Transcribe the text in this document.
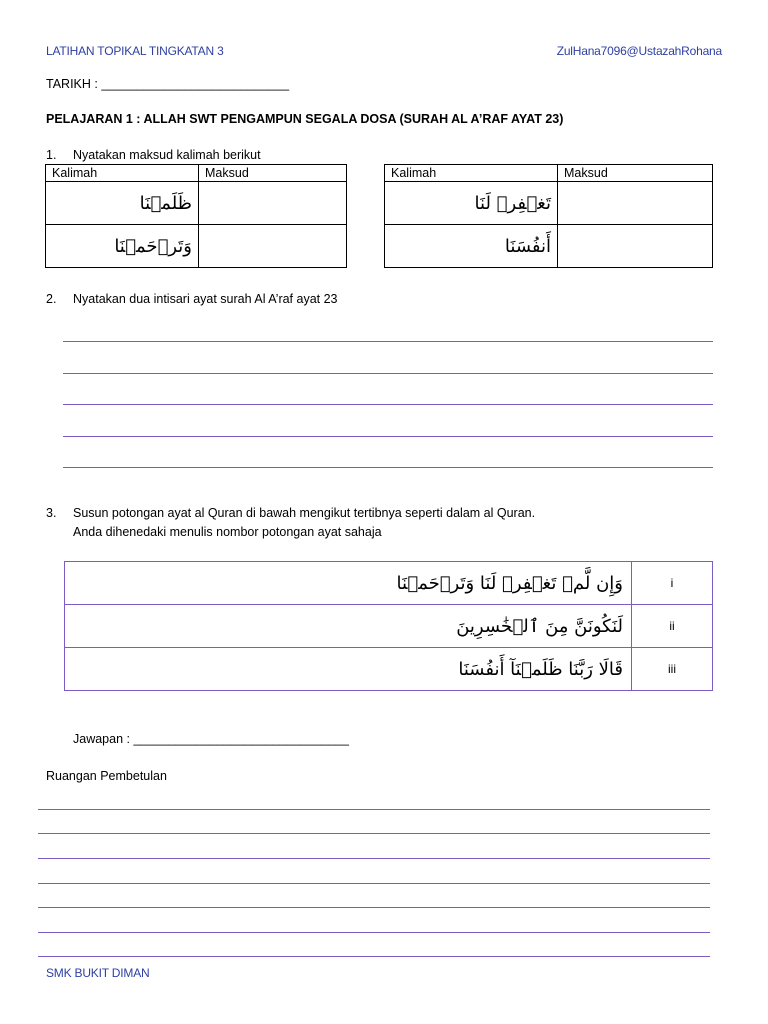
LATIHAN TOPIKAL TINGKATAN 3	ZulHana7096@UstazahRohana
TARIKH : ___________________________
PELAJARAN 1 : ALLAH SWT PENGAMPUN SEGALA DOSA (SURAH AL A’RAF AYAT 23)
1. Nyatakan maksud kalimah berikut
Kalimah	Maksud
ظَلَمۡنَا	
وَتَرۡحَمۡنَا	
Kalimah	Maksud
تَغۡفِرۡ لَنَا	
أَنفُسَنَا	
2. Nyatakan dua intisari ayat surah Al A’raf ayat 23
3. Susun potongan ayat al Quran di bawah mengikut tertibnya seperti dalam al Quran.
Anda dihenedaki menulis nombor potongan ayat sahaja
وَإِن لَّمۡ تَغۡفِرۡ لَنَا وَتَرۡحَمۡنَا	i
لَنَكُونَنَّ مِنَ ٱلۡخَٰسِرِينَ	ii
قَالَا رَبَّنَا ظَلَمۡنَآ أَنفُسَنَا	iii
Jawapan : _______________________________
Ruangan Pembetulan
SMK BUKIT DIMAN
